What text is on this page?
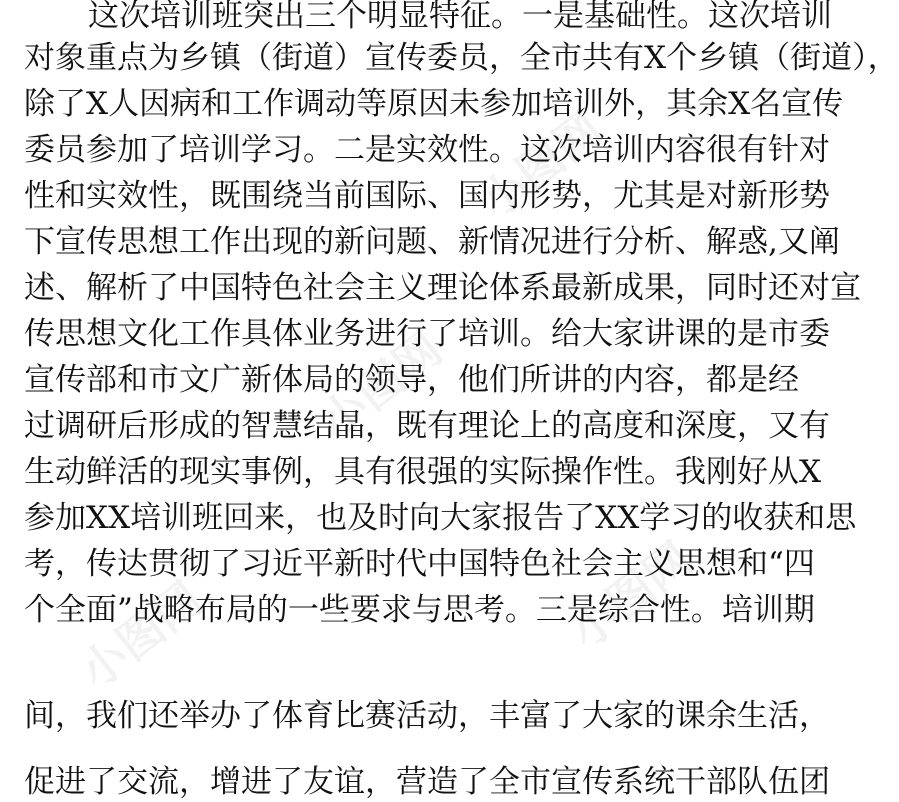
小图网
小图网
小图网
小图网
这次培训班突出三个明显特征。一是基础性。这次培训
对象重点为乡镇（街道）宣传委员，全市共有X个乡镇（街道），
除了X人因病和工作调动等原因未参加培训外，其余X名宣传
委员参加了培训学习。二是实效性。这次培训内容很有针对
性和实效性，既围绕当前国际、国内形势，尤其是对新形势
下宣传思想工作出现的新问题、新情况进行分析、解惑,又阐
述、解析了中国特色社会主义理论体系最新成果，同时还对宣
传思想文化工作具体业务进行了培训。给大家讲课的是市委
宣传部和市文广新体局的领导，他们所讲的内容，都是经
过调研后形成的智慧结晶，既有理论上的高度和深度，又有
生动鲜活的现实事例，具有很强的实际操作性。我刚好从X
参加XX培训班回来，也及时向大家报告了XX学习的收获和思
考，传达贯彻了习近平新时代中国特色社会主义思想和“四
个全面”战略布局的一些要求与思考。三是综合性。培训期
间，我们还举办了体育比赛活动，丰富了大家的课余生活，
促进了交流，增进了友谊，营造了全市宣传系统干部队伍团
